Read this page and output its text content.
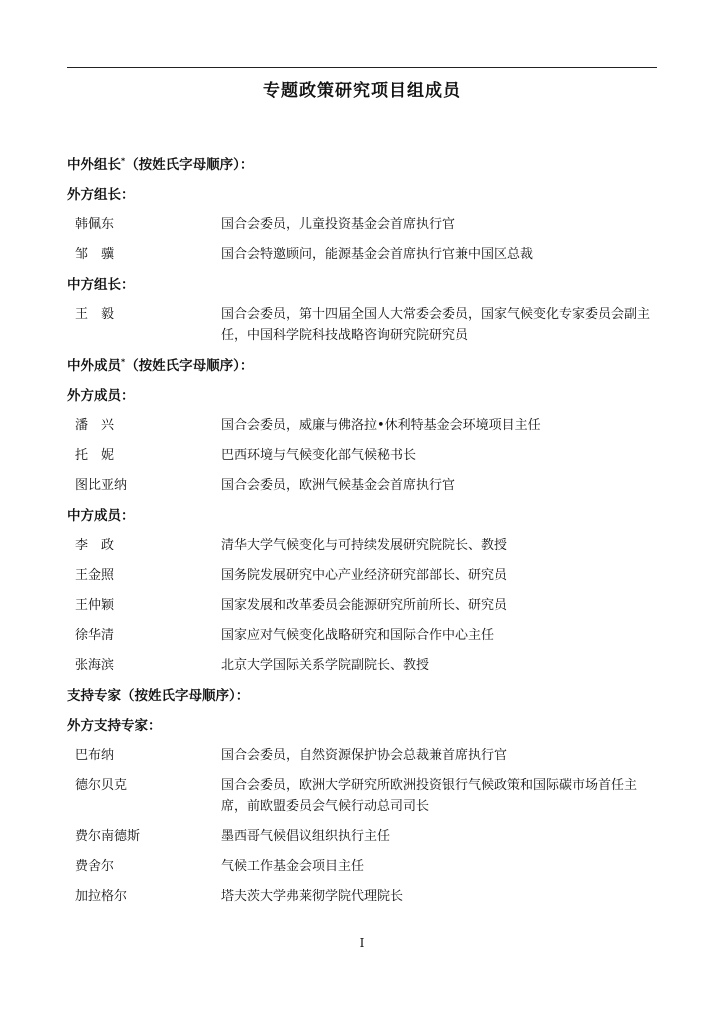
专题政策研究项目组成员
中外组长*（按姓氏字母顺序）：
外方组长：
韩佩东	国合会委员，儿童投资基金会首席执行官
邹　骥	国合会特邀顾问，能源基金会首席执行官兼中国区总裁
中方组长：
王　毅	国合会委员，第十四届全国人大常委会委员，国家气候变化专家委员会副主任，中国科学院科技战略咨询研究院研究员
中外成员*（按姓氏字母顺序）：
外方成员：
潘　兴	国合会委员，威廉与佛洛拉•休利特基金会环境项目主任
托　妮	巴西环境与气候变化部气候秘书长
图比亚纳	国合会委员，欧洲气候基金会首席执行官
中方成员：
李　政	清华大学气候变化与可持续发展研究院院长、教授
王金照	国务院发展研究中心产业经济研究部部长、研究员
王仲颖	国家发展和改革委员会能源研究所前所长、研究员
徐华清	国家应对气候变化战略研究和国际合作中心主任
张海滨	北京大学国际关系学院副院长、教授
支持专家（按姓氏字母顺序）：
外方支持专家：
巴布纳	国合会委员，自然资源保护协会总裁兼首席执行官
德尔贝克	国合会委员，欧洲大学研究所欧洲投资银行气候政策和国际碳市场首任主席，前欧盟委员会气候行动总司司长
费尔南德斯	墨西哥气候倡议组织执行主任
费舍尔	气候工作基金会项目主任
加拉格尔	塔夫茨大学弗莱彻学院代理院长
I
